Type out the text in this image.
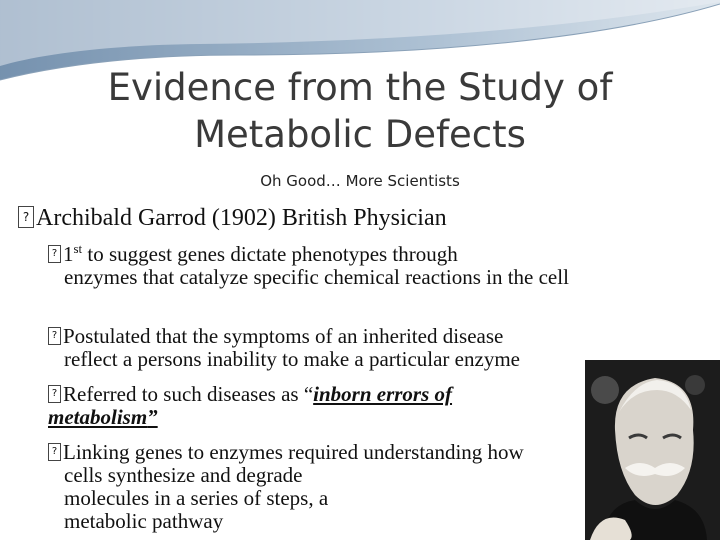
Evidence from the Study of Metabolic Defects
Oh Good… More Scientists
?Archibald Garrod (1902) British Physician
?1st to suggest genes dictate phenotypes through
enzymes that catalyze specific chemical reactions in the cell
?Postulated that the symptoms of an inherited disease
reflect a persons inability to make a particular enzyme
?Referred to such diseases as “inborn errors of metabolism”
?Linking genes to enzymes required understanding how
cells synthesize and degrade molecules in a series of steps, a metabolic pathway
